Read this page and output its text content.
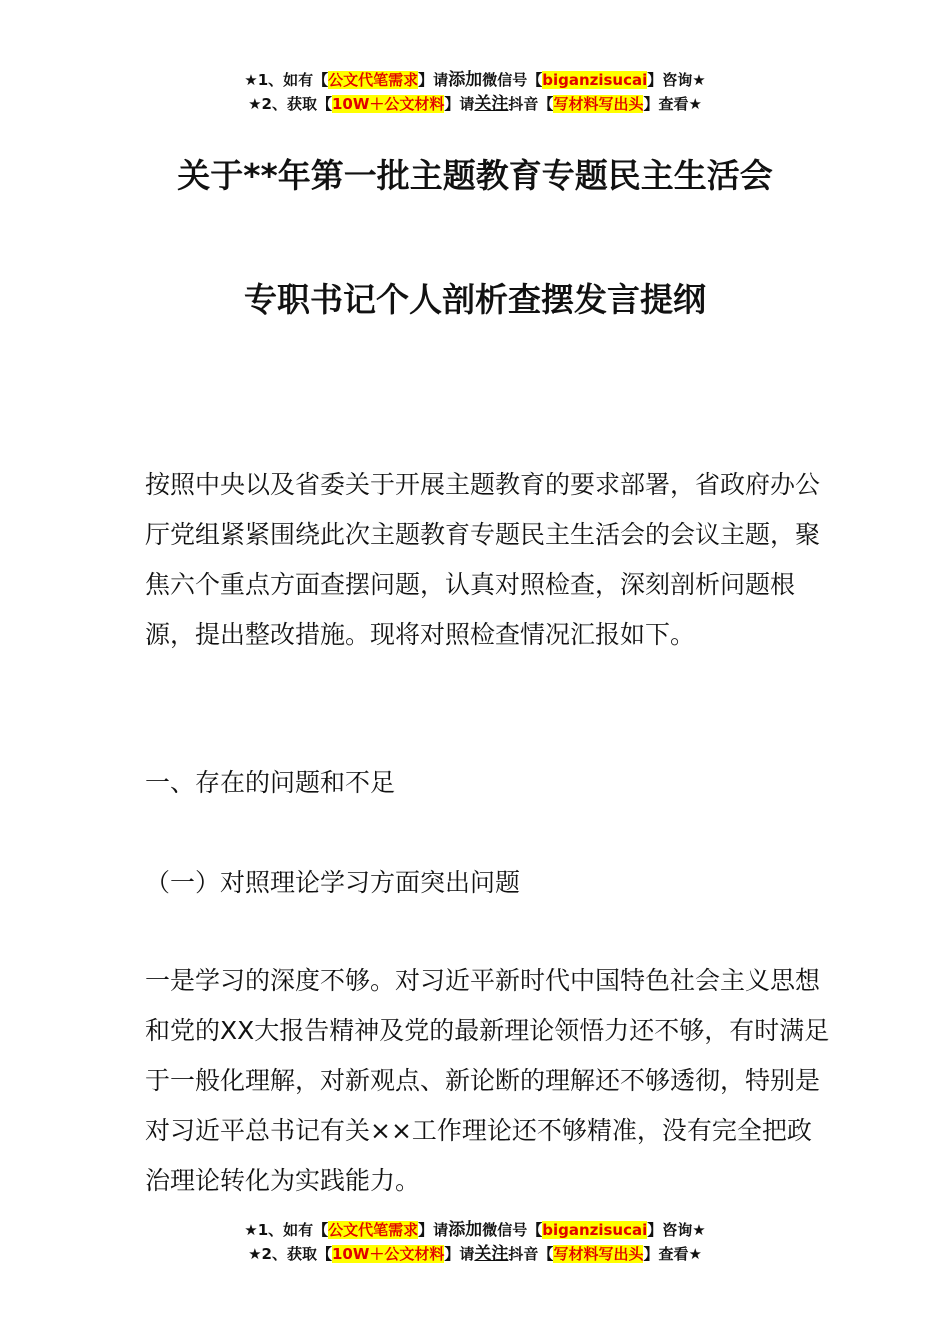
★1、如有【公文代笔需求】请添加微信号【biganzisucai】咨询★
★2、获取【10W＋公文材料】请关注抖音【写材料写出头】查看★
关于**年第一批主题教育专题民主生活会
专职书记个人剖析查摆发言提纲
按照中央以及省委关于开展主题教育的要求部署，省政府办公厅党组紧紧围绕此次主题教育专题民主生活会的会议主题，聚焦六个重点方面查摆问题，认真对照检查，深刻剖析问题根源，提出整改措施。现将对照检查情况汇报如下。
一、存在的问题和不足
（一）对照理论学习方面突出问题
一是学习的深度不够。对习近平新时代中国特色社会主义思想和党的XX大报告精神及党的最新理论领悟力还不够，有时满足于一般化理解，对新观点、新论断的理解还不够透彻，特别是对习近平总书记有关××工作理论还不够精准，没有完全把政治理论转化为实践能力。
★1、如有【公文代笔需求】请添加微信号【biganzisucai】咨询★
★2、获取【10W＋公文材料】请关注抖音【写材料写出头】查看★
